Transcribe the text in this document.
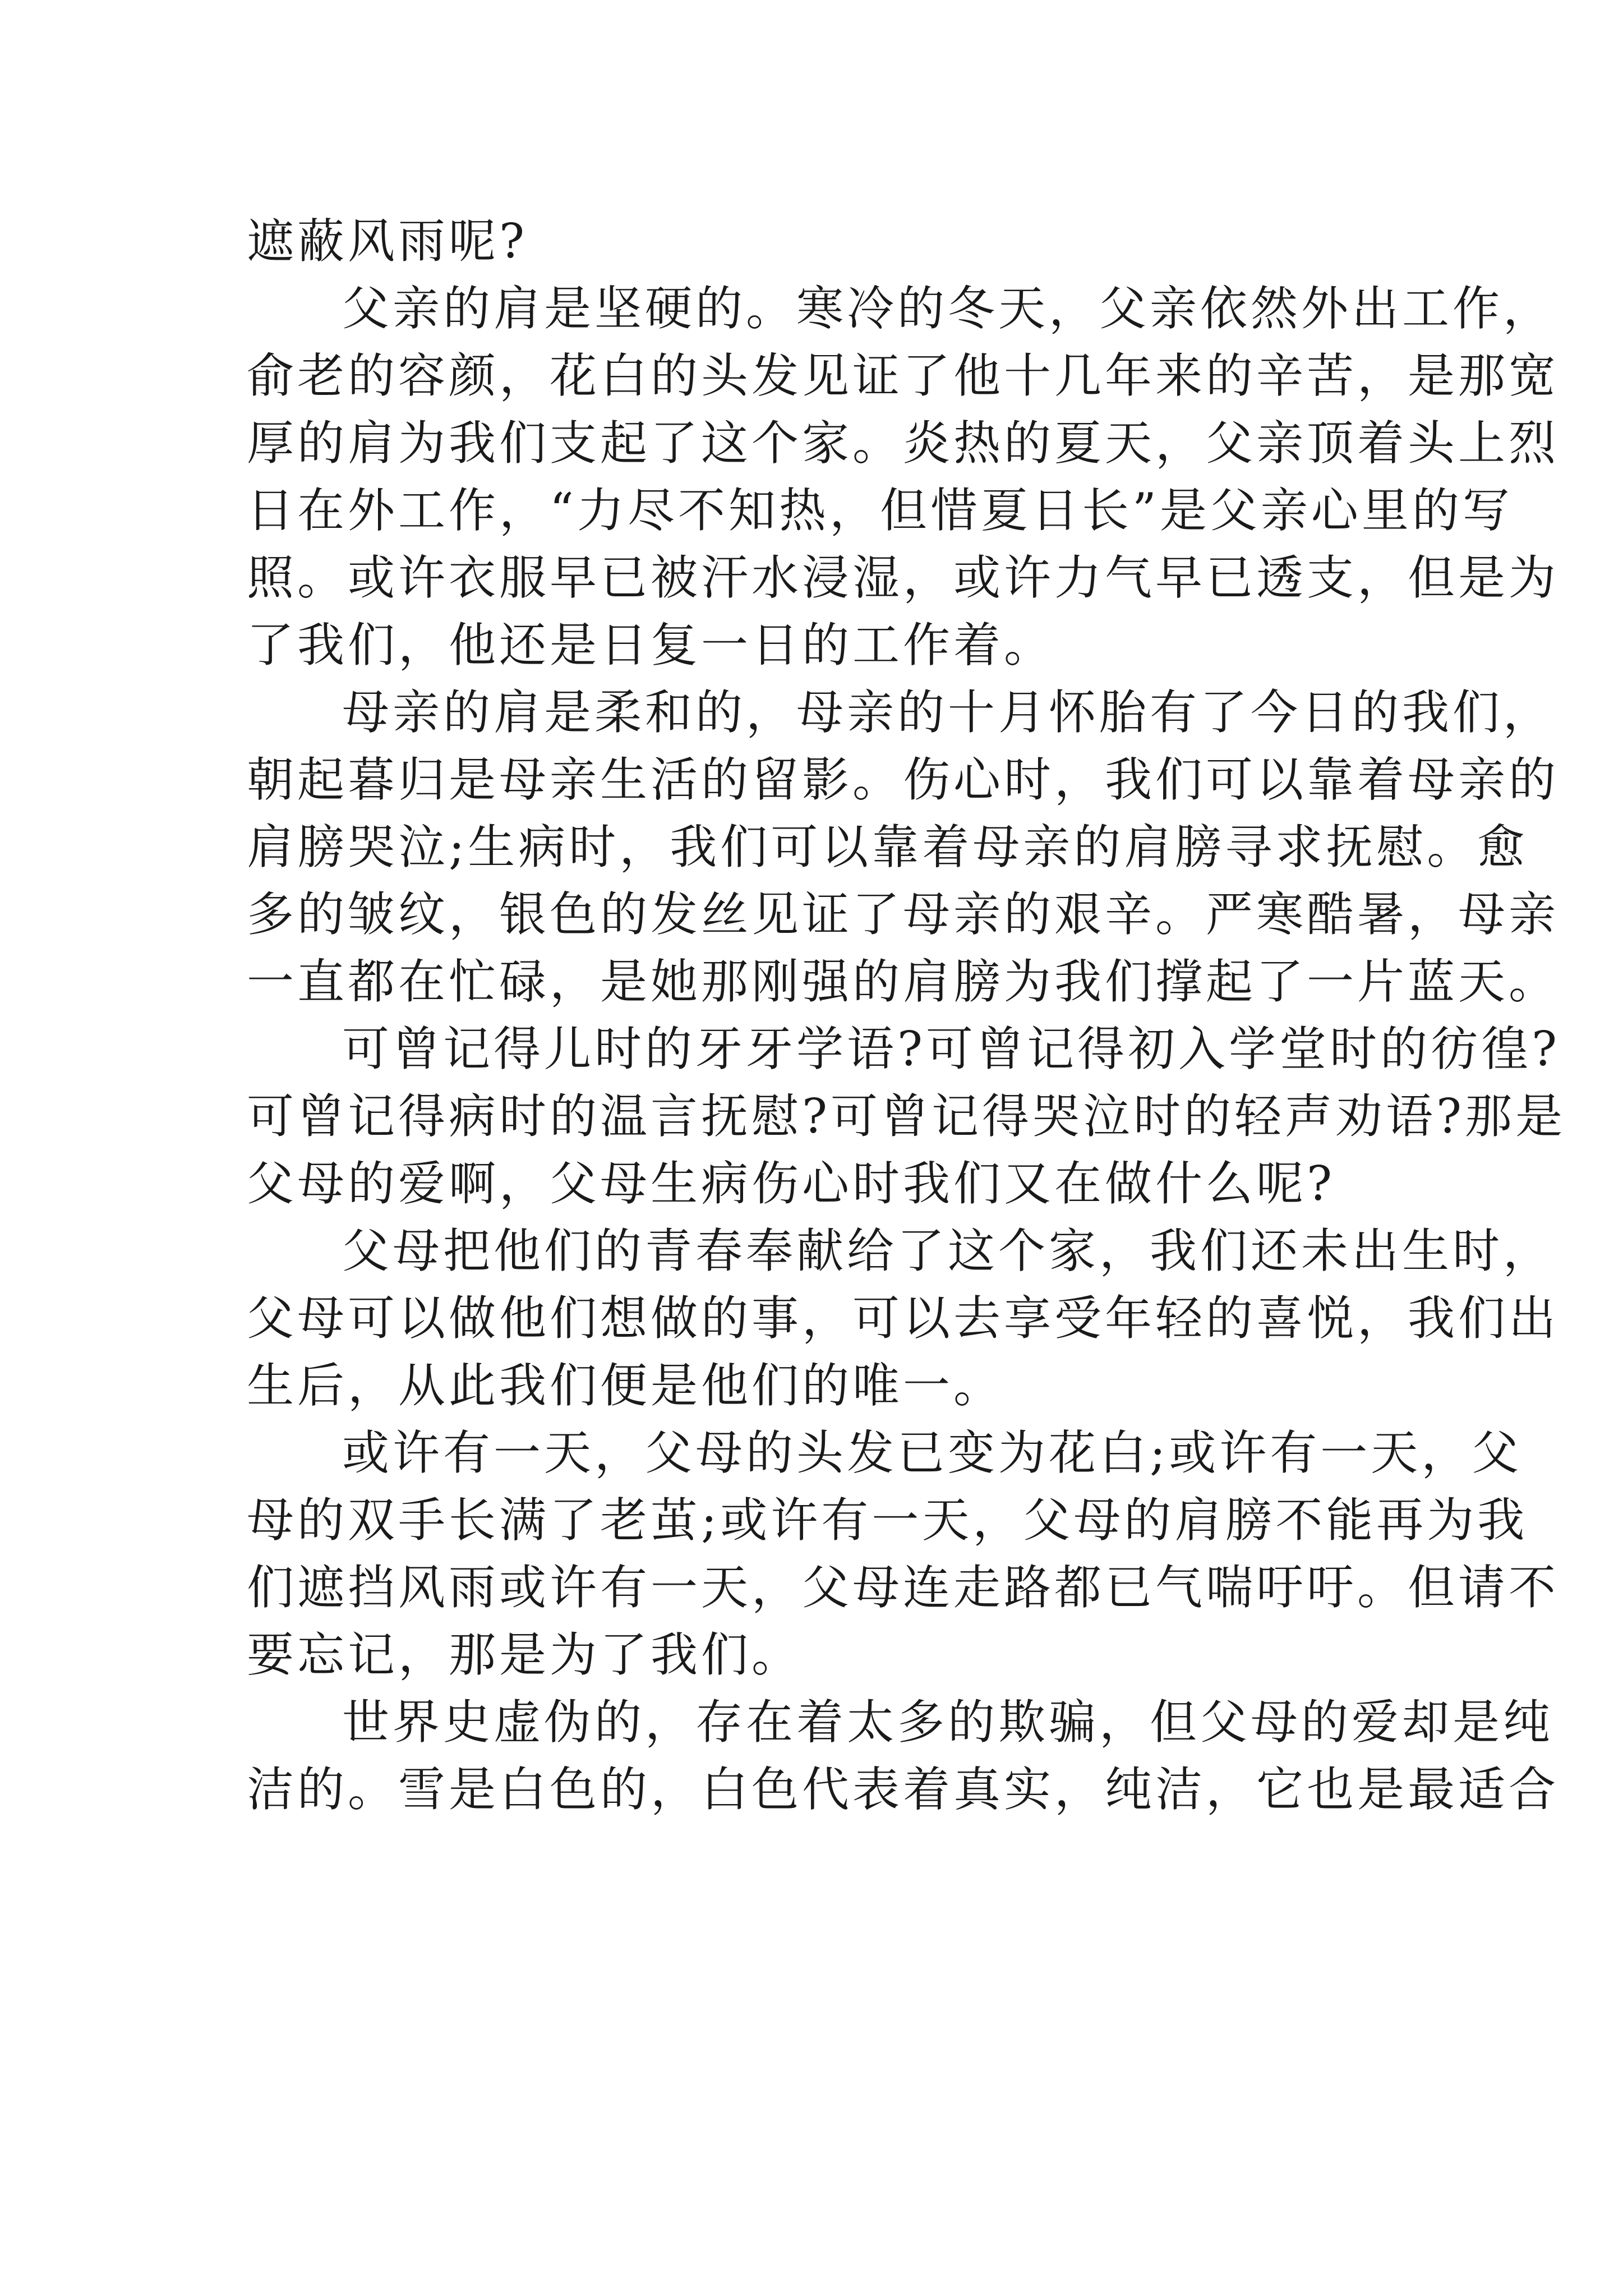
遮蔽风雨呢?
父亲的肩是坚硬的。寒冷的冬天，父亲依然外出工作，
俞老的容颜，花白的头发见证了他十几年来的辛苦，是那宽
厚的肩为我们支起了这个家。炎热的夏天，父亲顶着头上烈
日在外工作，“力尽不知热，但惜夏日长”是父亲心里的写
照。或许衣服早已被汗水浸湿，或许力气早已透支，但是为
了我们，他还是日复一日的工作着。
母亲的肩是柔和的，母亲的十月怀胎有了今日的我们，
朝起暮归是母亲生活的留影。伤心时，我们可以靠着母亲的
肩膀哭泣;生病时，我们可以靠着母亲的肩膀寻求抚慰。愈
多的皱纹，银色的发丝见证了母亲的艰辛。严寒酷暑，母亲
一直都在忙碌，是她那刚强的肩膀为我们撑起了一片蓝天。
可曾记得儿时的牙牙学语?可曾记得初入学堂时的彷徨?
可曾记得病时的温言抚慰?可曾记得哭泣时的轻声劝语?那是
父母的爱啊，父母生病伤心时我们又在做什么呢?
父母把他们的青春奉献给了这个家，我们还未出生时，
父母可以做他们想做的事，可以去享受年轻的喜悦，我们出
生后，从此我们便是他们的唯一。
或许有一天，父母的头发已变为花白;或许有一天，父
母的双手长满了老茧;或许有一天，父母的肩膀不能再为我
们遮挡风雨或许有一天，父母连走路都已气喘吁吁。但请不
要忘记，那是为了我们。
世界史虚伪的，存在着太多的欺骗，但父母的爱却是纯
洁的。雪是白色的，白色代表着真实，纯洁，它也是最适合
